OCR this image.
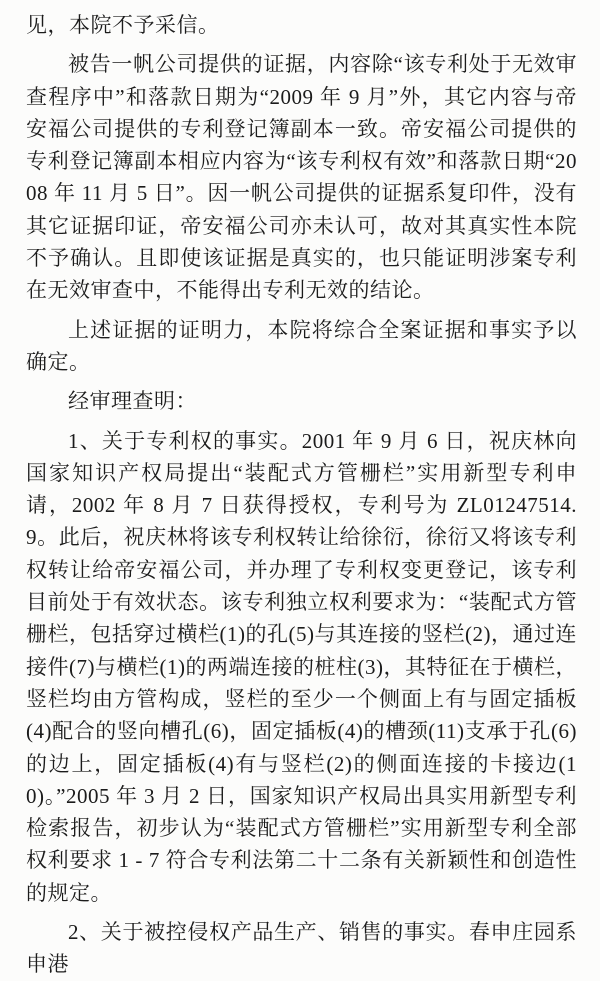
见，本院不予采信。

被告一帆公司提供的证据，内容除“该专利处于无效审查程序中”和落款日期为“2009 年 9 月”外，其它内容与帝安福公司提供的专利登记簿副本一致。帝安福公司提供的专利登记簿副本相应内容为“该专利权有效”和落款日期“2008 年 11 月 5 日”。因一帆公司提供的证据系复印件，没有其它证据印证，帝安福公司亦未认可，故对其真实性本院不予确认。且即使该证据是真实的，也只能证明涉案专利在无效审查中，不能得出专利无效的结论。

上述证据的证明力，本院将综合全案证据和事实予以确定。

经审理查明：

1、关于专利权的事实。2001 年 9 月 6 日，祝庆林向国家知识产权局提出“装配式方管栅栏”实用新型专利申请，2002 年 8 月 7 日获得授权，专利号为 ZL01247514.9。此后，祝庆林将该专利权转让给徐衍，徐衍又将该专利权转让给帝安福公司，并办理了专利权变更登记，该专利目前处于有效状态。该专利独立权利要求为：“装配式方管栅栏，包括穿过横栏(1)的孔(5)与其连接的竖栏(2)，通过连接件(7)与横栏(1)的两端连接的桩柱(3)，其特征在于横栏，竖栏均由方管构成，竖栏的至少一个侧面上有与固定插板(4)配合的竖向槽孔(6)，固定插板(4)的槽颈(11)支承于孔(6)的边上，固定插板(4)有与竖栏(2)的侧面连接的卡接边(10)。”2005 年 3 月 2 日，国家知识产权局出具实用新型专利检索报告，初步认为“装配式方管栅栏”实用新型专利全部权利要求 1 - 7 符合专利法第二十二条有关新颖性和创造性的规定。

2、关于被控侵权产品生产、销售的事实。春申庄园系申港
